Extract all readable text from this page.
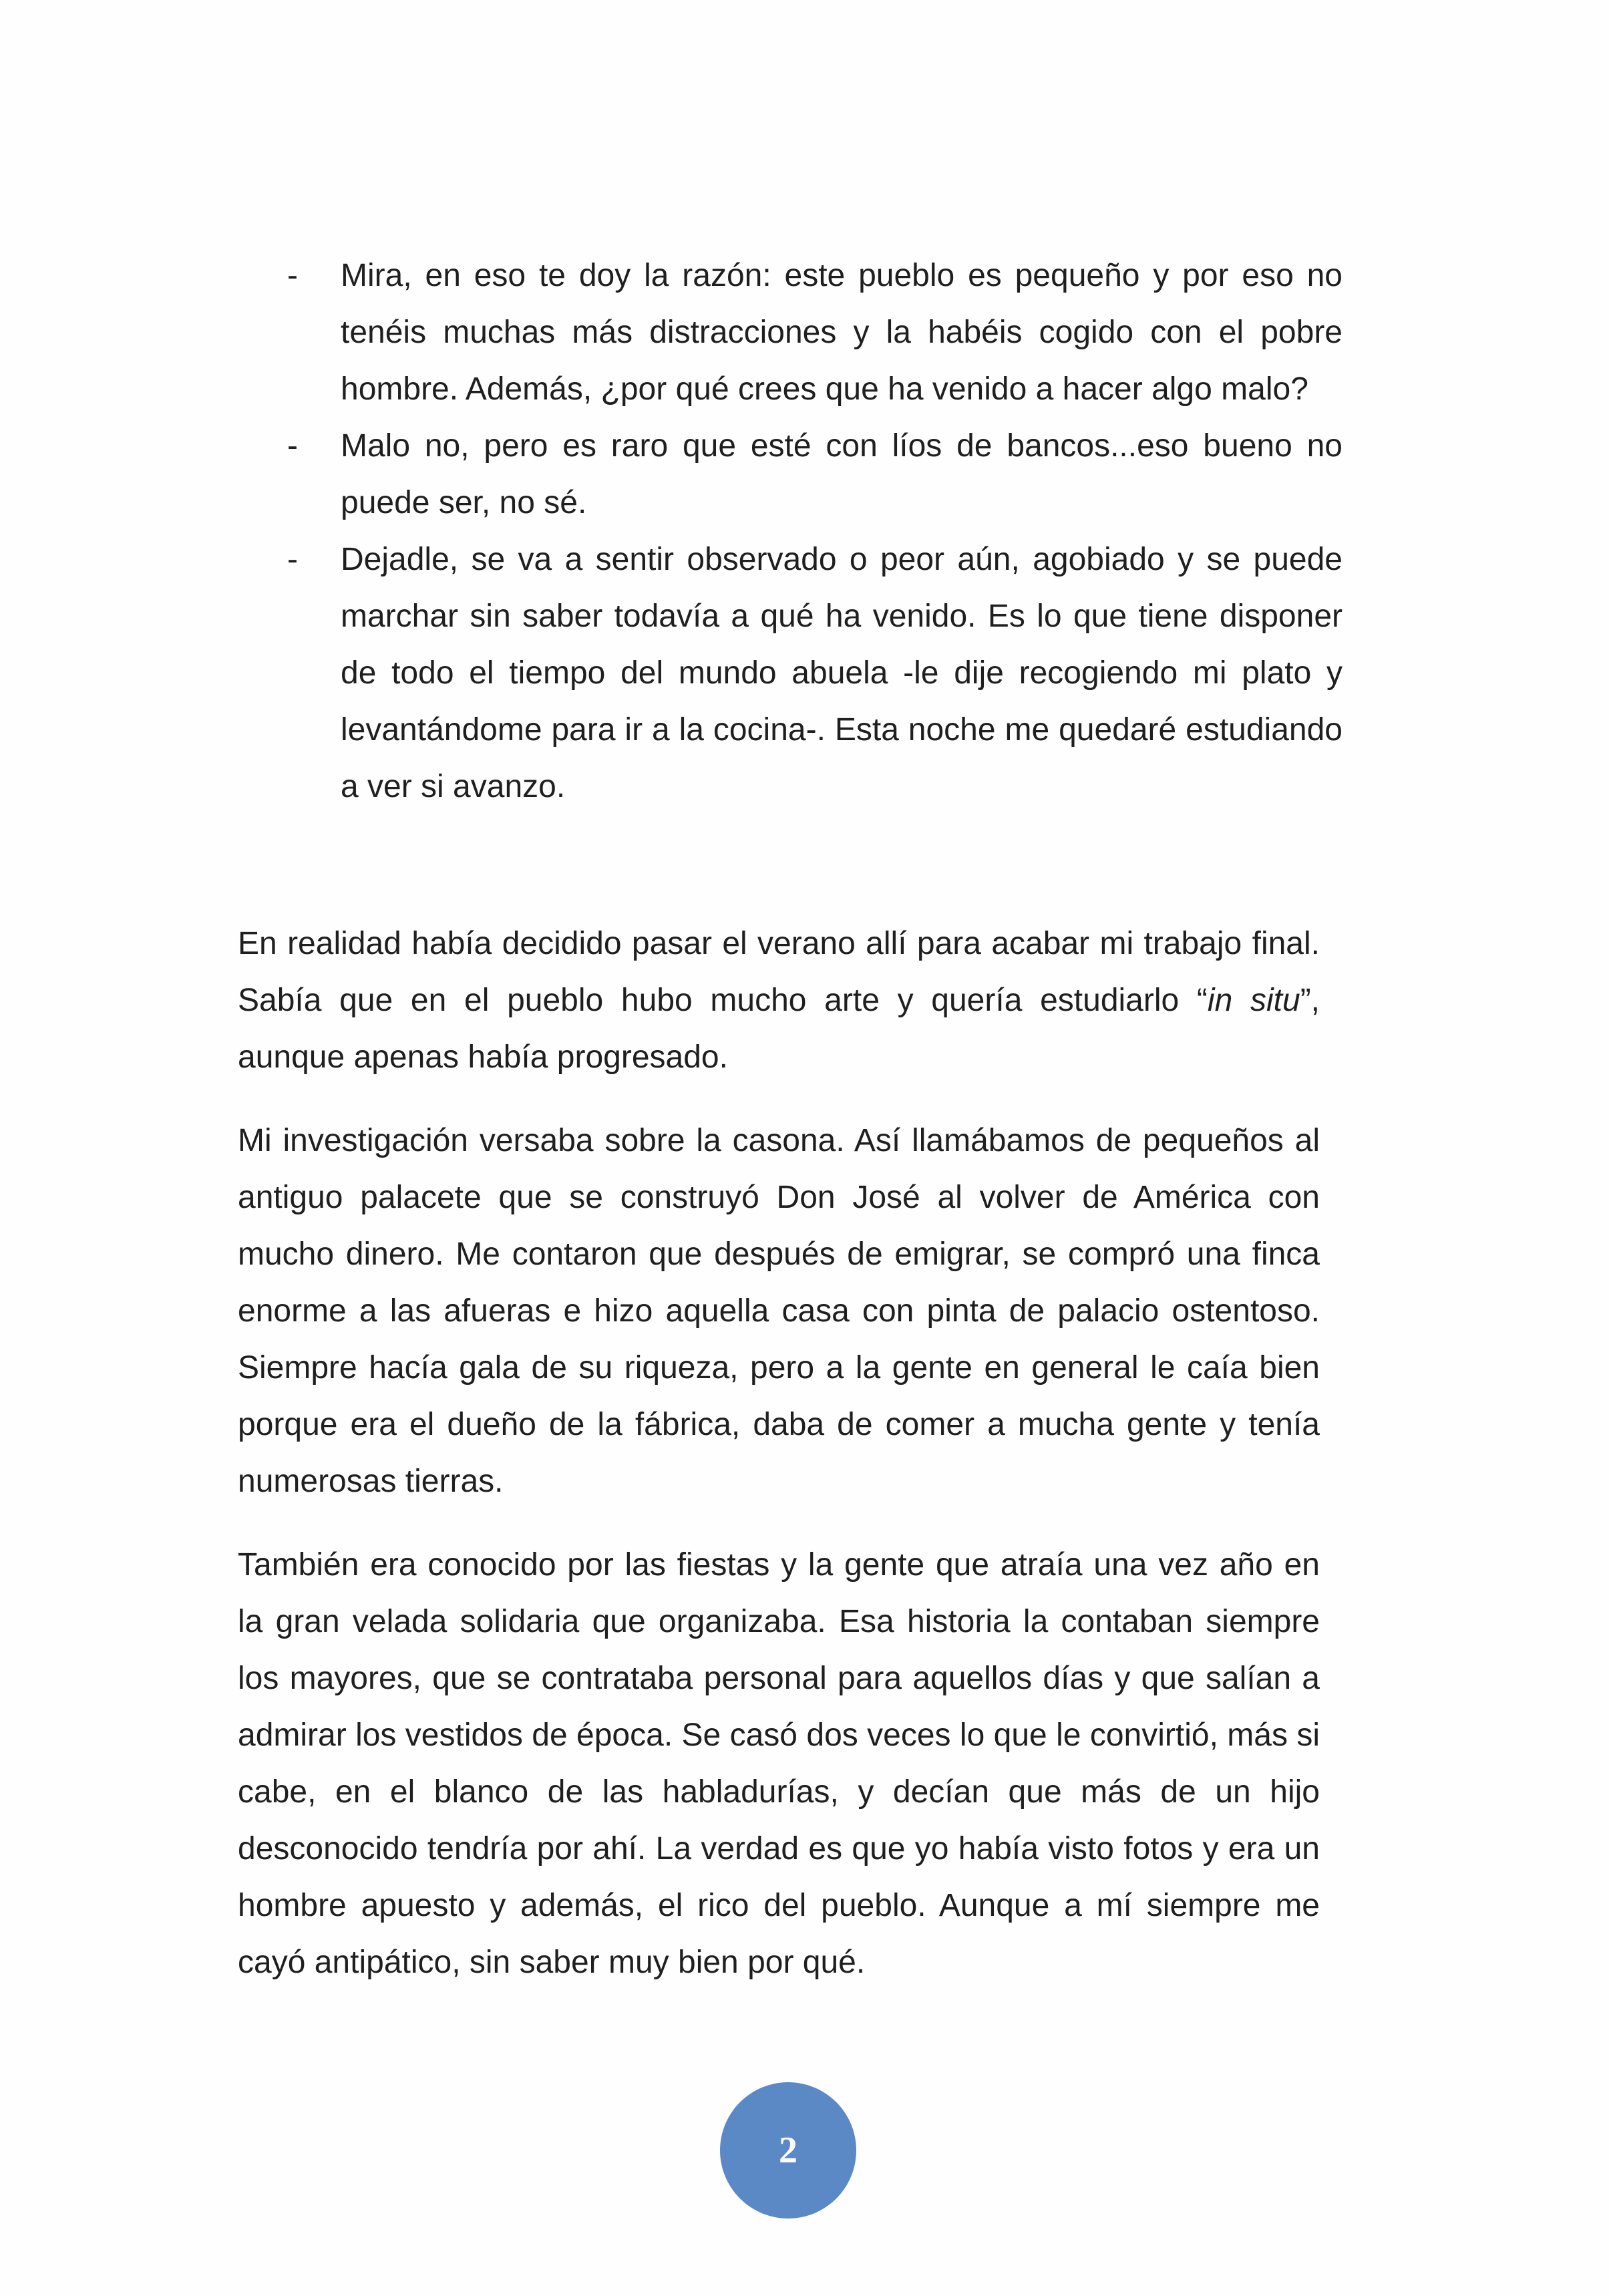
- Mira, en eso te doy la razón: este pueblo es pequeño y por eso no tenéis muchas más distracciones y la habéis cogido con el pobre hombre. Además, ¿por qué crees que ha venido a hacer algo malo?
- Malo no, pero es raro que esté con líos de bancos...eso bueno no puede ser, no sé.
- Dejadle, se va a sentir observado o peor aún, agobiado y se puede marchar sin saber todavía a qué ha venido. Es lo que tiene disponer de todo el tiempo del mundo abuela -le dije recogiendo mi plato y levantándome para ir a la cocina-. Esta noche me quedaré estudiando a ver si avanzo.

En realidad había decidido pasar el verano allí para acabar mi trabajo final. Sabía que en el pueblo hubo mucho arte y quería estudiarlo “in situ”, aunque apenas había progresado.

Mi investigación versaba sobre la casona. Así llamábamos de pequeños al antiguo palacete que se construyó Don José al volver de América con mucho dinero. Me contaron que después de emigrar, se compró una finca enorme a las afueras e hizo aquella casa con pinta de palacio ostentoso. Siempre hacía gala de su riqueza, pero a la gente en general le caía bien porque era el dueño de la fábrica, daba de comer a mucha gente y tenía numerosas tierras.

También era conocido por las fiestas y la gente que atraía una vez año en la gran velada solidaria que organizaba. Esa historia la contaban siempre los mayores, que se contrataba personal para aquellos días y que salían a admirar los vestidos de época. Se casó dos veces lo que le convirtió, más si cabe, en el blanco de las habladurías, y decían que más de un hijo desconocido tendría por ahí. La verdad es que yo había visto fotos y era un hombre apuesto y además, el rico del pueblo. Aunque a mí siempre me cayó antipático, sin saber muy bien por qué.

2
